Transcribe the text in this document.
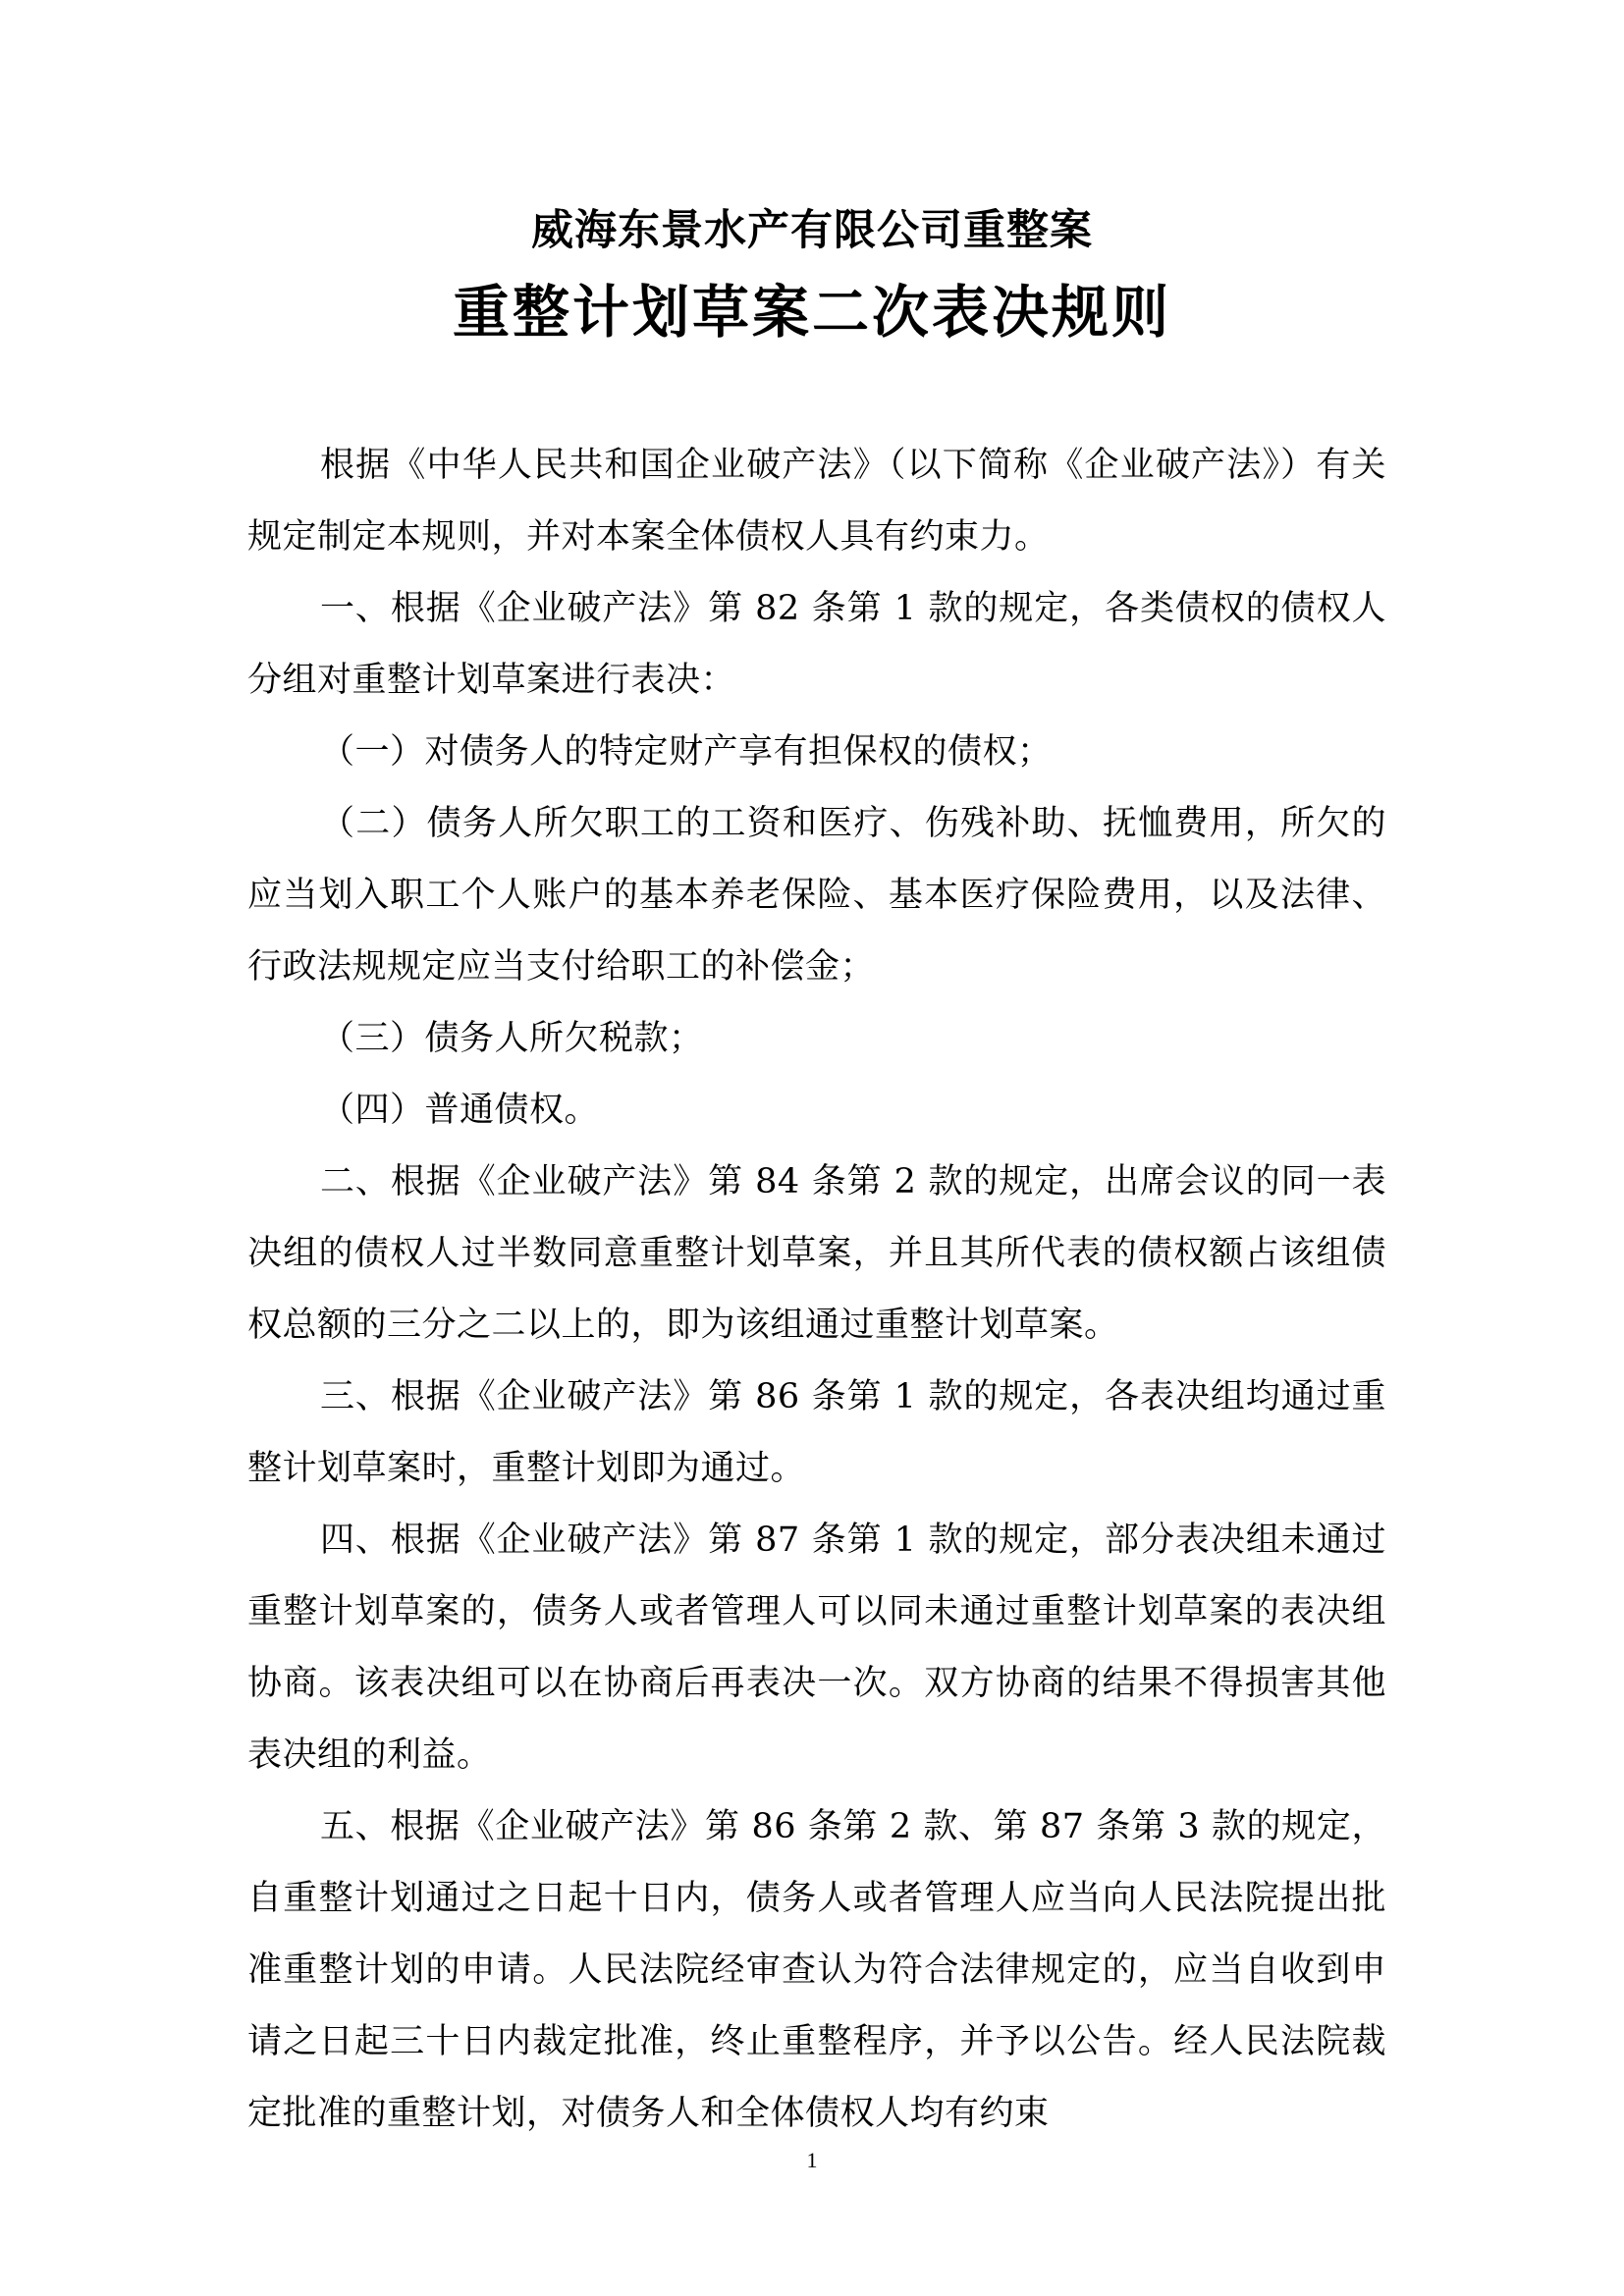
威海东景水产有限公司重整案
重整计划草案二次表决规则

根据《中华人民共和国企业破产法》（以下简称《企业破产法》）有关规定制定本规则，并对本案全体债权人具有约束力。

一、根据《企业破产法》第 82 条第 1 款的规定，各类债权的债权人分组对重整计划草案进行表决：

（一）对债务人的特定财产享有担保权的债权；

（二）债务人所欠职工的工资和医疗、伤残补助、抚恤费用，所欠的应当划入职工个人账户的基本养老保险、基本医疗保险费用，以及法律、行政法规规定应当支付给职工的补偿金；

（三）债务人所欠税款；

（四）普通债权。

二、根据《企业破产法》第 84 条第 2 款的规定，出席会议的同一表决组的债权人过半数同意重整计划草案，并且其所代表的债权额占该组债权总额的三分之二以上的，即为该组通过重整计划草案。

三、根据《企业破产法》第 86 条第 1 款的规定，各表决组均通过重整计划草案时，重整计划即为通过。

四、根据《企业破产法》第 87 条第 1 款的规定，部分表决组未通过重整计划草案的，债务人或者管理人可以同未通过重整计划草案的表决组协商。该表决组可以在协商后再表决一次。双方协商的结果不得损害其他表决组的利益。

五、根据《企业破产法》第 86 条第 2 款、第 87 条第 3 款的规定，自重整计划通过之日起十日内，债务人或者管理人应当向人民法院提出批准重整计划的申请。人民法院经审查认为符合法律规定的，应当自收到申请之日起三十日内裁定批准，终止重整程序，并予以公告。经人民法院裁定批准的重整计划，对债务人和全体债权人均有约束

1
